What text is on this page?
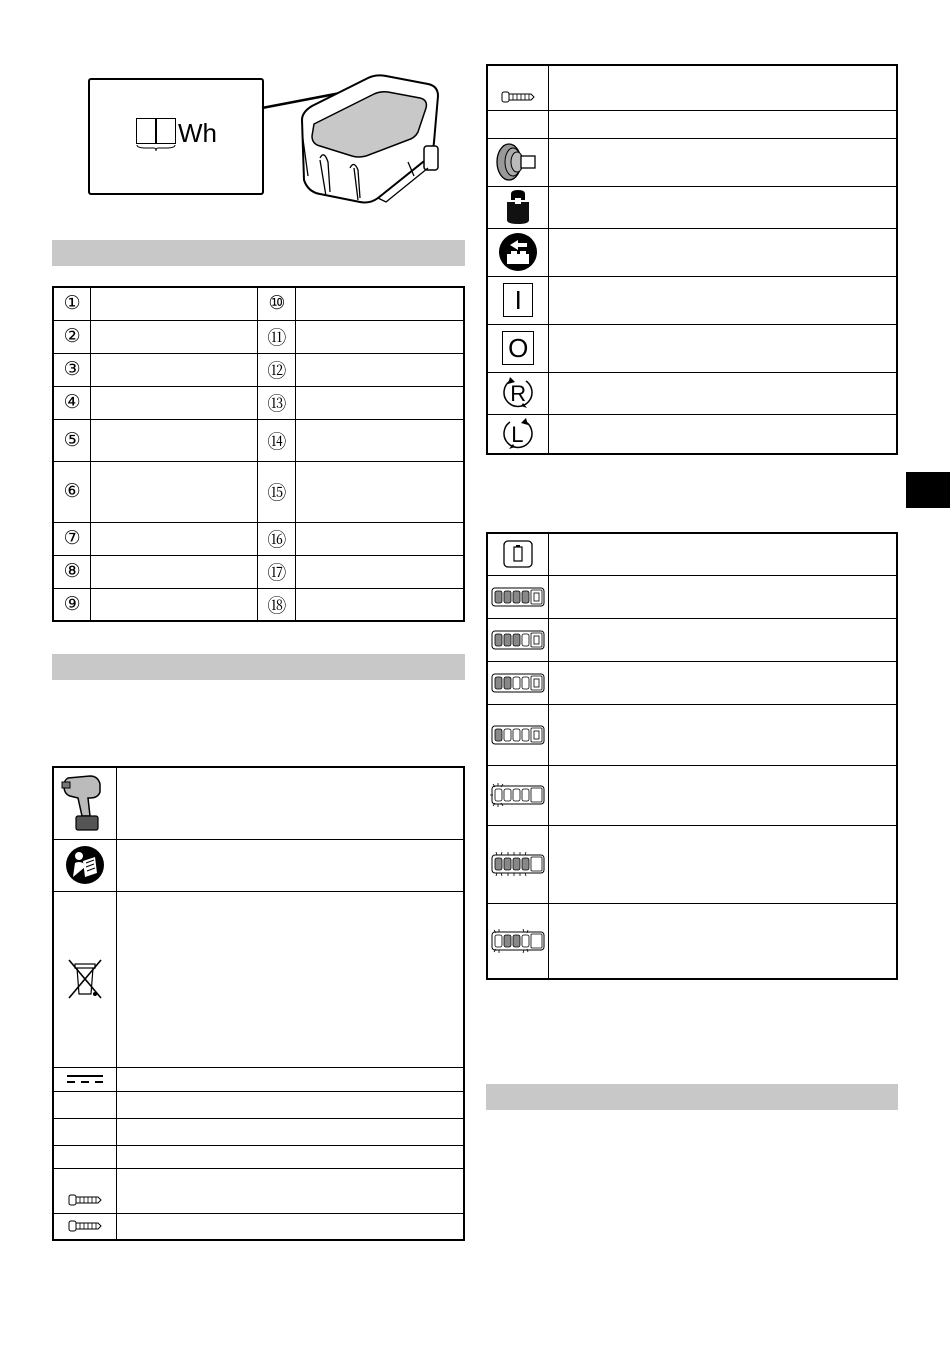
Wh
①		⑩	
②		⑪	
③		⑫	
④		⑬	
⑤		⑭	
⑥		⑮	
⑦		⑯	
⑧		⑰	
⑨		⑱	

I	

O	

R	

L	
